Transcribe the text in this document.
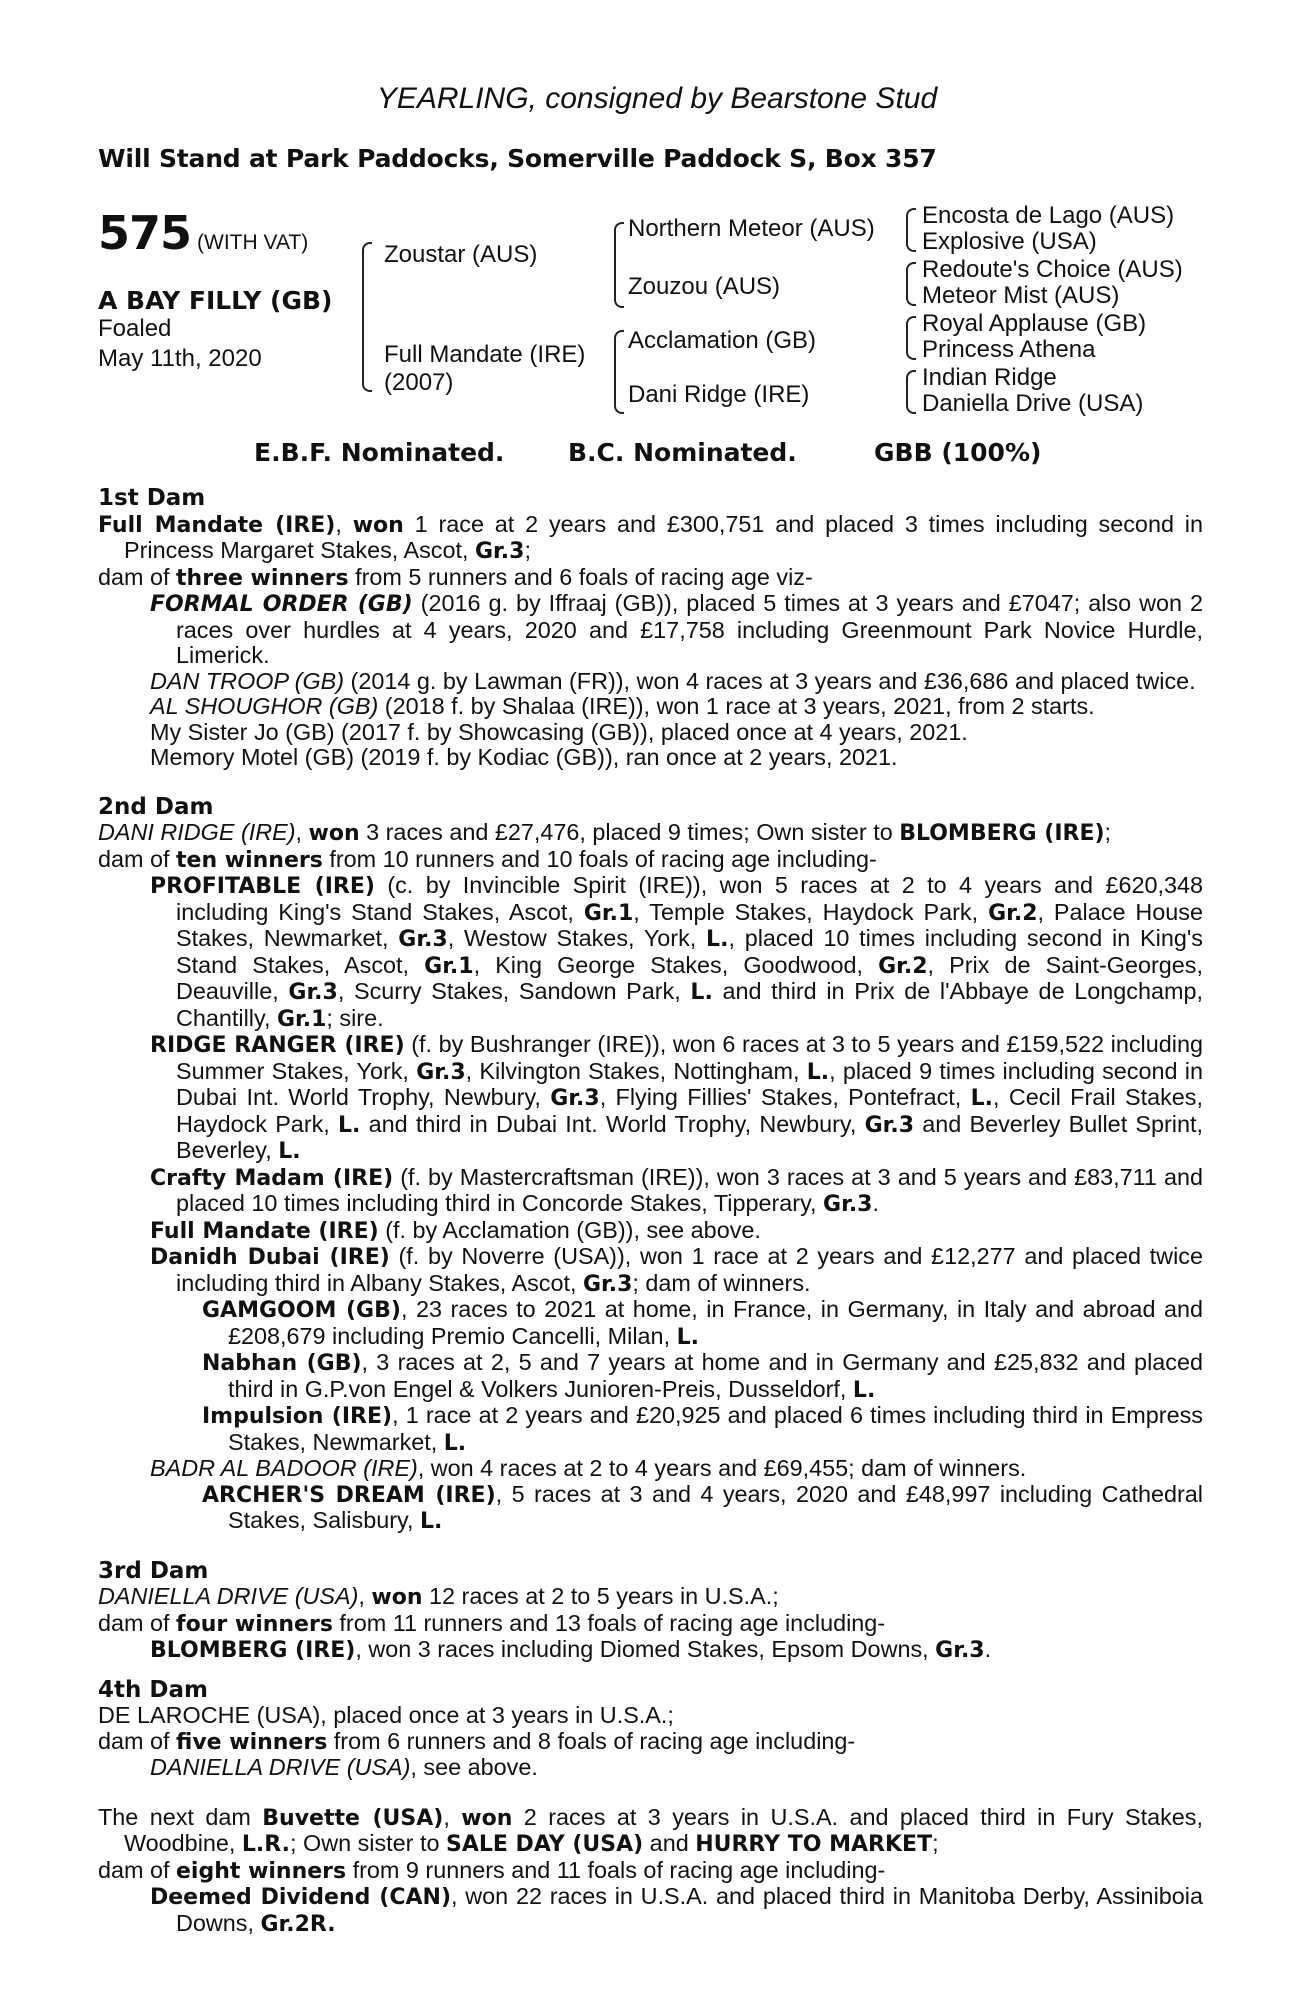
YEARLING, consigned by Bearstone Stud
Will Stand at Park Paddocks, Somerville Paddock S, Box 357
575 (WITH VAT)
A BAY FILLY (GB)
Foaled
May 11th, 2020
Zoustar (AUS)
Full Mandate (IRE)
(2007)
Northern Meteor (AUS)
Zouzou (AUS)
Acclamation (GB)
Dani Ridge (IRE)
Encosta de Lago (AUS)
Explosive (USA)
Redoute's Choice (AUS)
Meteor Mist (AUS)
Royal Applause (GB)
Princess Athena
Indian Ridge
Daniella Drive (USA)
E.B.F. Nominated.	B.C. Nominated.	GBB (100%)

1st Dam

Full Mandate (IRE), won 1 race at 2 years and £300,751 and placed 3 times including second in Princess Margaret Stakes, Ascot, Gr.3;

dam of three winners from 5 runners and 6 foals of racing age viz-

FORMAL ORDER (GB) (2016 g. by Iffraaj (GB)), placed 5 times at 3 years and £7047; also won 2 races over hurdles at 4 years, 2020 and £17,758 including Greenmount Park Novice Hurdle, Limerick.

DAN TROOP (GB) (2014 g. by Lawman (FR)), won 4 races at 3 years and £36,686 and placed twice.

AL SHOUGHOR (GB) (2018 f. by Shalaa (IRE)), won 1 race at 3 years, 2021, from 2 starts.

My Sister Jo (GB) (2017 f. by Showcasing (GB)), placed once at 4 years, 2021.

Memory Motel (GB) (2019 f. by Kodiac (GB)), ran once at 2 years, 2021.

2nd Dam

DANI RIDGE (IRE), won 3 races and £27,476, placed 9 times; Own sister to BLOMBERG (IRE);

dam of ten winners from 10 runners and 10 foals of racing age including-

PROFITABLE (IRE) (c. by Invincible Spirit (IRE)), won 5 races at 2 to 4 years and £620,348 including King's Stand Stakes, Ascot, Gr.1, Temple Stakes, Haydock Park, Gr.2, Palace House Stakes, Newmarket, Gr.3, Westow Stakes, York, L., placed 10 times including second in King's Stand Stakes, Ascot, Gr.1, King George Stakes, Goodwood, Gr.2, Prix de Saint-Georges, Deauville, Gr.3, Scurry Stakes, Sandown Park, L. and third in Prix de l'Abbaye de Longchamp, Chantilly, Gr.1; sire.

RIDGE RANGER (IRE) (f. by Bushranger (IRE)), won 6 races at 3 to 5 years and £159,522 including Summer Stakes, York, Gr.3, Kilvington Stakes, Nottingham, L., placed 9 times including second in Dubai Int. World Trophy, Newbury, Gr.3, Flying Fillies' Stakes, Pontefract, L., Cecil Frail Stakes, Haydock Park, L. and third in Dubai Int. World Trophy, Newbury, Gr.3 and Beverley Bullet Sprint, Beverley, L.

Crafty Madam (IRE) (f. by Mastercraftsman (IRE)), won 3 races at 3 and 5 years and £83,711 and placed 10 times including third in Concorde Stakes, Tipperary, Gr.3.

Full Mandate (IRE) (f. by Acclamation (GB)), see above.

Danidh Dubai (IRE) (f. by Noverre (USA)), won 1 race at 2 years and £12,277 and placed twice including third in Albany Stakes, Ascot, Gr.3; dam of winners.

GAMGOOM (GB), 23 races to 2021 at home, in France, in Germany, in Italy and abroad and £208,679 including Premio Cancelli, Milan, L.

Nabhan (GB), 3 races at 2, 5 and 7 years at home and in Germany and £25,832 and placed third in G.P.von Engel & Volkers Junioren-Preis, Dusseldorf, L.

Impulsion (IRE), 1 race at 2 years and £20,925 and placed 6 times including third in Empress Stakes, Newmarket, L.

BADR AL BADOOR (IRE), won 4 races at 2 to 4 years and £69,455; dam of winners.

ARCHER'S DREAM (IRE), 5 races at 3 and 4 years, 2020 and £48,997 including Cathedral Stakes, Salisbury, L.

3rd Dam

DANIELLA DRIVE (USA), won 12 races at 2 to 5 years in U.S.A.;

dam of four winners from 11 runners and 13 foals of racing age including-

BLOMBERG (IRE), won 3 races including Diomed Stakes, Epsom Downs, Gr.3.

4th Dam

DE LAROCHE (USA), placed once at 3 years in U.S.A.;

dam of five winners from 6 runners and 8 foals of racing age including-

DANIELLA DRIVE (USA), see above.

The next dam Buvette (USA), won 2 races at 3 years in U.S.A. and placed third in Fury Stakes, Woodbine, L.R.; Own sister to SALE DAY (USA) and HURRY TO MARKET;

dam of eight winners from 9 runners and 11 foals of racing age including-

Deemed Dividend (CAN), won 22 races in U.S.A. and placed third in Manitoba Derby, Assiniboia Downs, Gr.2R.
